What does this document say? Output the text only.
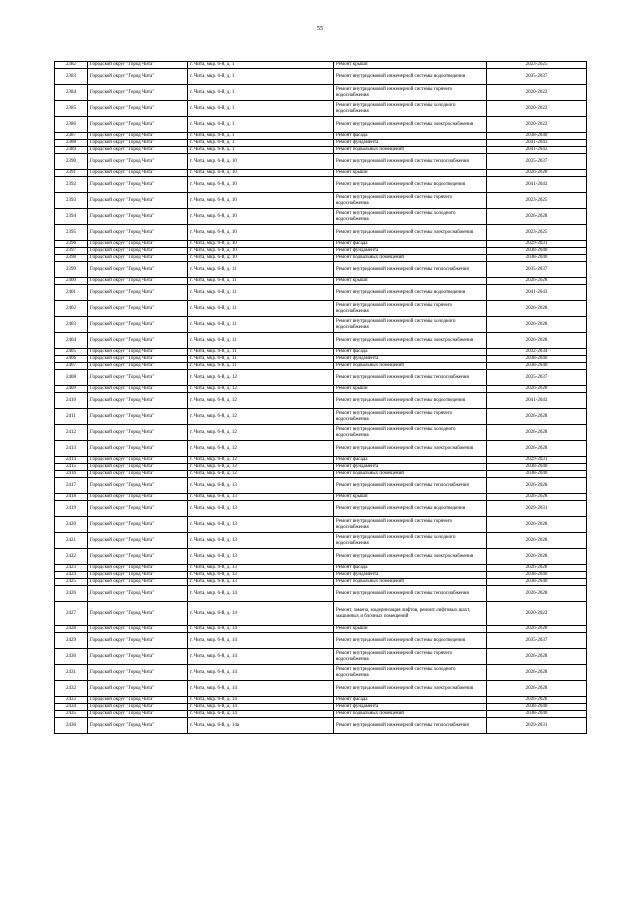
55
2382	Городской округ "Город Чита"	г. Чита, мкр. 6-й, д. 1	Ремонт крыши	2023-2025
2383	Городской округ "Город Чита"	г. Чита, мкр. 6-й, д. 1	Ремонт внутридомовой инженерной системы водоотведения	2035-2037
2384	Городской округ "Город Чита"	г. Чита, мкр. 6-й, д. 1	Ремонт внутридомовой инженерной системы горячего водоснабжения	2020-2022
2385	Городской округ "Город Чита"	г. Чита, мкр. 6-й, д. 1	Ремонт внутридомовой инженерной системы холодного водоснабжения	2020-2022
2386	Городской округ "Город Чита"	г. Чита, мкр. 6-й, д. 1	Ремонт внутридомовой инженерной системы электроснабжения	2020-2022
2387	Городской округ "Город Чита"	г. Чита, мкр. 6-й, д. 1	Ремонт фасада	2038-2040
2388	Городской округ "Город Чита"	г. Чита, мкр. 6-й, д. 1	Ремонт фундамента	2041-2043
2389	Городской округ "Город Чита"	г. Чита, мкр. 6-й, д. 1	Ремонт подвальных помещений	2041-2043
2390	Городской округ "Город Чита"	г. Чита, мкр. 6-й, д. 10	Ремонт внутридомовой инженерной системы теплоснабжения	2035-2037
2391	Городской округ "Город Чита"	г. Чита, мкр. 6-й, д. 10	Ремонт крыши	2026-2028
2392	Городской округ "Город Чита"	г. Чита, мкр. 6-й, д. 10	Ремонт внутридомовой инженерной системы водоотведения	2041-2043
2393	Городской округ "Город Чита"	г. Чита, мкр. 6-й, д. 10	Ремонт внутридомовой инженерной системы горячего водоснабжения	2023-2025
2394	Городской округ "Город Чита"	г. Чита, мкр. 6-й, д. 10	Ремонт внутридомовой инженерной системы холодного водоснабжения	2026-2028
2395	Городской округ "Город Чита"	г. Чита, мкр. 6-й, д. 10	Ремонт внутридомовой инженерной системы электроснабжения	2023-2025
2396	Городской округ "Город Чита"	г. Чита, мкр. 6-й, д. 10	Ремонт фасада	2029-2031
2397	Городской округ "Город Чита"	г. Чита, мкр. 6-й, д. 10	Ремонт фундамента	2038-2040
2398	Городской округ "Город Чита"	г. Чита, мкр. 6-й, д. 10	Ремонт подвальных помещений	2038-2040
2399	Городской округ "Город Чита"	г. Чита, мкр. 6-й, д. 11	Ремонт внутридомовой инженерной системы теплоснабжения	2035-2037
2400	Городской округ "Город Чита"	г. Чита, мкр. 6-й, д. 11	Ремонт крыши	2026-2028
2401	Городской округ "Город Чита"	г. Чита, мкр. 6-й, д. 11	Ремонт внутридомовой инженерной системы водоотведения	2041-2043
2402	Городской округ "Город Чита"	г. Чита, мкр. 6-й, д. 11	Ремонт внутридомовой инженерной системы горячего водоснабжения	2026-2028
2403	Городской округ "Город Чита"	г. Чита, мкр. 6-й, д. 11	Ремонт внутридомовой инженерной системы холодного водоснабжения	2026-2028
2404	Городской округ "Город Чита"	г. Чита, мкр. 6-й, д. 11	Ремонт внутридомовой инженерной системы электроснабжения	2026-2028
2405	Городской округ "Город Чита"	г. Чита, мкр. 6-й, д. 11	Ремонт фасада	2032-2034
2406	Городской округ "Город Чита"	г. Чита, мкр. 6-й, д. 11	Ремонт фундамента	2038-2040
2407	Городской округ "Город Чита"	г. Чита, мкр. 6-й, д. 11	Ремонт подвальных помещений	2038-2040
2408	Городской округ "Город Чита"	г. Чита, мкр. 6-й, д. 12	Ремонт внутридомовой инженерной системы теплоснабжения	2035-2037
2409	Городской округ "Город Чита"	г. Чита, мкр. 6-й, д. 12	Ремонт крыши	2026-2028
2410	Городской округ "Город Чита"	г. Чита, мкр. 6-й, д. 12	Ремонт внутридомовой инженерной системы водоотведения	2041-2043
2411	Городской округ "Город Чита"	г. Чита, мкр. 6-й, д. 12	Ремонт внутридомовой инженерной системы горячего водоснабжения	2026-2028
2412	Городской округ "Город Чита"	г. Чита, мкр. 6-й, д. 12	Ремонт внутридомовой инженерной системы холодного водоснабжения	2026-2028
2413	Городской округ "Город Чита"	г. Чита, мкр. 6-й, д. 12	Ремонт внутридомовой инженерной системы электроснабжения	2026-2028
2414	Городской округ "Город Чита"	г. Чита, мкр. 6-й, д. 12	Ремонт фасада	2029-2031
2415	Городской округ "Город Чита"	г. Чита, мкр. 6-й, д. 12	Ремонт фундамента	2038-2040
2416	Городской округ "Город Чита"	г. Чита, мкр. 6-й, д. 12	Ремонт подвальных помещений	2038-2040
2417	Городской округ "Город Чита"	г. Чита, мкр. 6-й, д. 13	Ремонт внутридомовой инженерной системы теплоснабжения	2026-2028
2418	Городской округ "Город Чита"	г. Чита, мкр. 6-й, д. 13	Ремонт крыши	2026-2028
2419	Городской округ "Город Чита"	г. Чита, мкр. 6-й, д. 13	Ремонт внутридомовой инженерной системы водоотведения	2029-2031
2420	Городской округ "Город Чита"	г. Чита, мкр. 6-й, д. 13	Ремонт внутридомовой инженерной системы горячего водоснабжения	2026-2028
2421	Городской округ "Город Чита"	г. Чита, мкр. 6-й, д. 13	Ремонт внутридомовой инженерной системы холодного водоснабжения	2026-2028
2422	Городской округ "Город Чита"	г. Чита, мкр. 6-й, д. 13	Ремонт внутридомовой инженерной системы электроснабжения	2026-2028
2423	Городской округ "Город Чита"	г. Чита, мкр. 6-й, д. 13	Ремонт фасада	2026-2028
2424	Городской округ "Город Чита"	г. Чита, мкр. 6-й, д. 13	Ремонт фундамента	2038-2040
2425	Городской округ "Город Чита"	г. Чита, мкр. 6-й, д. 13	Ремонт подвальных помещений	2038-2040
2426	Городской округ "Город Чита"	г. Чита, мкр. 6-й, д. 14	Ремонт внутридомовой инженерной системы теплоснабжения	2026-2028
2427	Городской округ "Город Чита"	г. Чита, мкр. 6-й, д. 14	Ремонт, замена, модернизация лифтов, ремонт лифтовых шахт, машинных и блочных помещений	2020-2022
2428	Городской округ "Город Чита"	г. Чита, мкр. 6-й, д. 14	Ремонт крыши	2026-2028
2429	Городской округ "Город Чита"	г. Чита, мкр. 6-й, д. 14	Ремонт внутридомовой инженерной системы водоотведения	2035-2037
2430	Городской округ "Город Чита"	г. Чита, мкр. 6-й, д. 14	Ремонт внутридомовой инженерной системы горячего водоснабжения	2026-2028
2431	Городской округ "Город Чита"	г. Чита, мкр. 6-й, д. 14	Ремонт внутридомовой инженерной системы холодного водоснабжения	2026-2028
2432	Городской округ "Город Чита"	г. Чита, мкр. 6-й, д. 14	Ремонт внутридомовой инженерной системы электроснабжения	2026-2028
2433	Городской округ "Город Чита"	г. Чита, мкр. 6-й, д. 14	Ремонт фасада	2026-2028
2434	Городской округ "Город Чита"	г. Чита, мкр. 6-й, д. 14	Ремонт фундамента	2038-2040
2435	Городской округ "Город Чита"	г. Чита, мкр. 6-й, д. 14	Ремонт подвальных помещений	2038-2040
2436	Городской округ "Город Чита"	г. Чита, мкр. 6-й, д. 14а	Ремонт внутридомовой инженерной системы теплоснабжения	2029-2031
